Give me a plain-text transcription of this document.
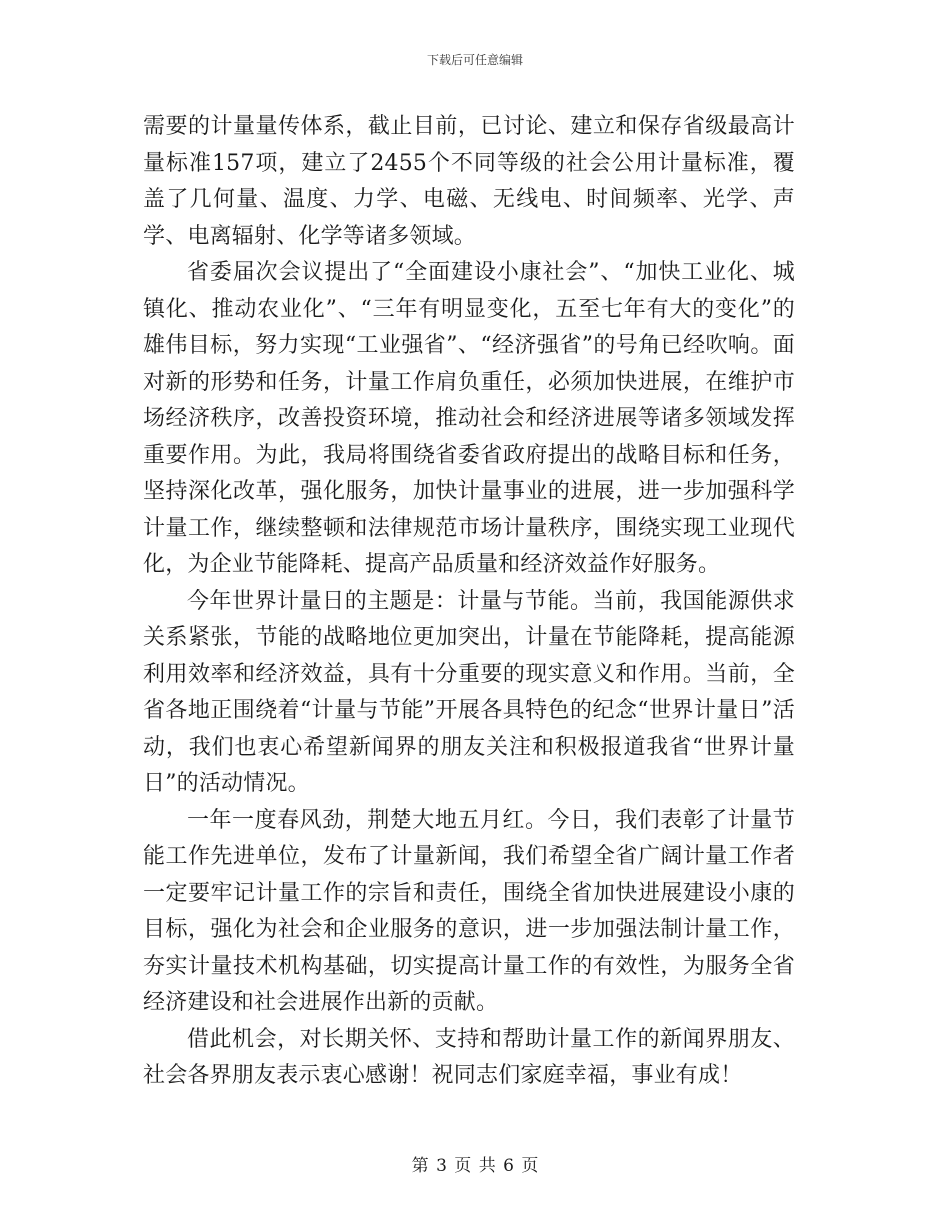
下载后可任意编辑

需要的计量量传体系，截止目前，已讨论、建立和保存省级最高计量标准157项，建立了2455个不同等级的社会公用计量标准，覆盖了几何量、温度、力学、电磁、无线电、时间频率、光学、声学、电离辐射、化学等诸多领域。

省委届次会议提出了“全面建设小康社会”、“加快工业化、城镇化、推动农业化”、“三年有明显变化，五至七年有大的变化”的雄伟目标，努力实现“工业强省”、“经济强省”的号角已经吹响。面对新的形势和任务，计量工作肩负重任，必须加快进展，在维护市场经济秩序，改善投资环境，推动社会和经济进展等诸多领域发挥重要作用。为此，我局将围绕省委省政府提出的战略目标和任务，坚持深化改革，强化服务，加快计量事业的进展，进一步加强科学计量工作，继续整顿和法律规范市场计量秩序，围绕实现工业现代化，为企业节能降耗、提高产品质量和经济效益作好服务。

今年世界计量日的主题是：计量与节能。当前，我国能源供求关系紧张，节能的战略地位更加突出，计量在节能降耗，提高能源利用效率和经济效益，具有十分重要的现实意义和作用。当前，全省各地正围绕着“计量与节能”开展各具特色的纪念“世界计量日”活动，我们也衷心希望新闻界的朋友关注和积极报道我省“世界计量日”的活动情况。

一年一度春风劲，荆楚大地五月红。今日，我们表彰了计量节能工作先进单位，发布了计量新闻，我们希望全省广阔计量工作者一定要牢记计量工作的宗旨和责任，围绕全省加快进展建设小康的目标，强化为社会和企业服务的意识，进一步加强法制计量工作，夯实计量技术机构基础，切实提高计量工作的有效性，为服务全省经济建设和社会进展作出新的贡献。

借此机会，对长期关怀、支持和帮助计量工作的新闻界朋友、社会各界朋友表示衷心感谢！祝同志们家庭幸福，事业有成！

第 3 页 共 6 页
